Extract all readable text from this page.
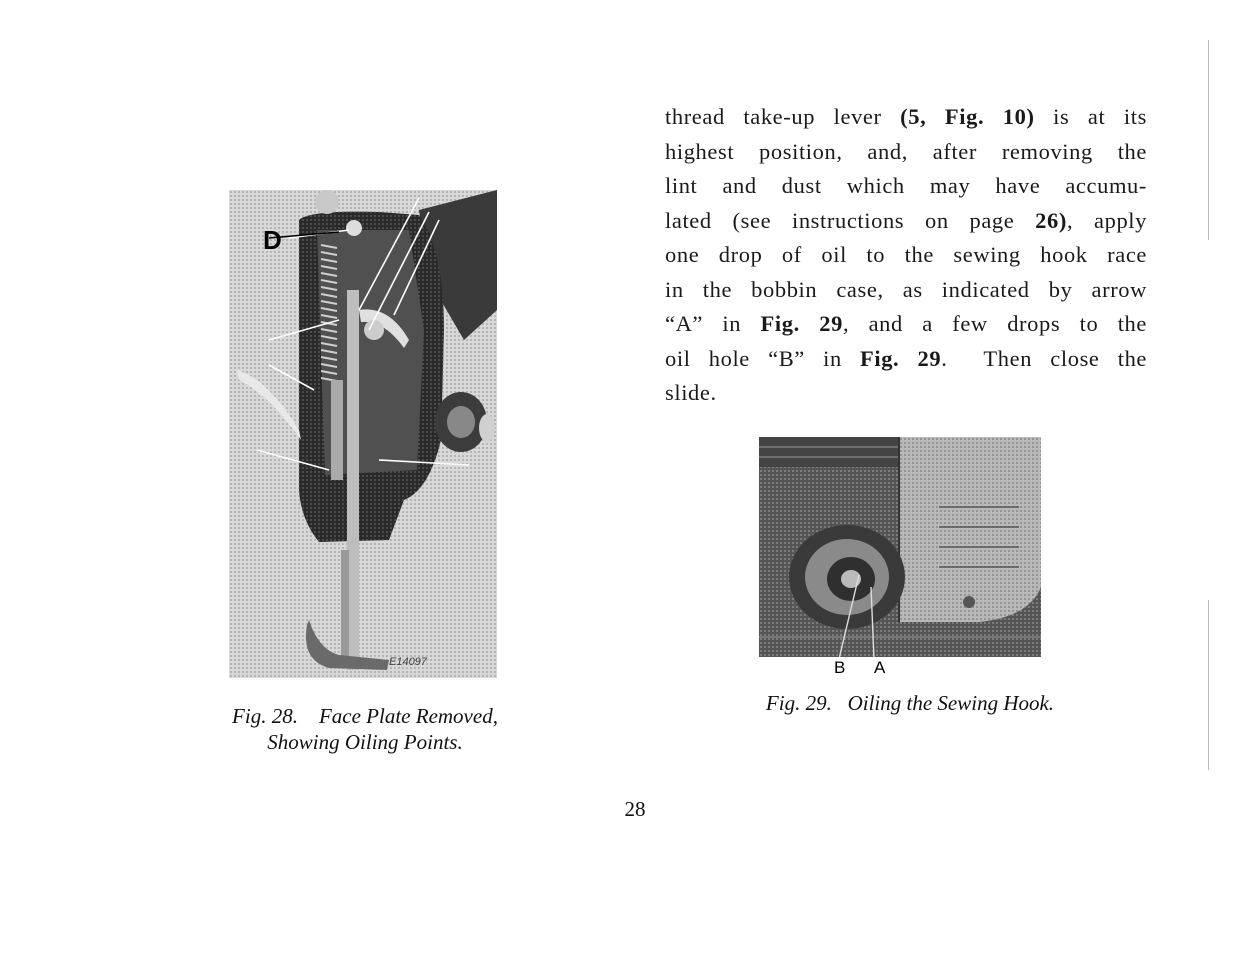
D
E14097
Fig. 28.    Face Plate Removed,
Showing Oiling Points.
thread take-up lever (5, Fig. 10) is at its
highest position, and, after removing the
lint and dust which may have accumu-
lated (see instructions on page 26), apply
one drop of oil to the sewing hook race
in the bobbin case, as indicated by arrow
“A” in Fig. 29, and a few drops to the
oil hole “B” in Fig. 29.  Then close the
slide.
B A
Fig. 29.   Oiling the Sewing Hook.
28
